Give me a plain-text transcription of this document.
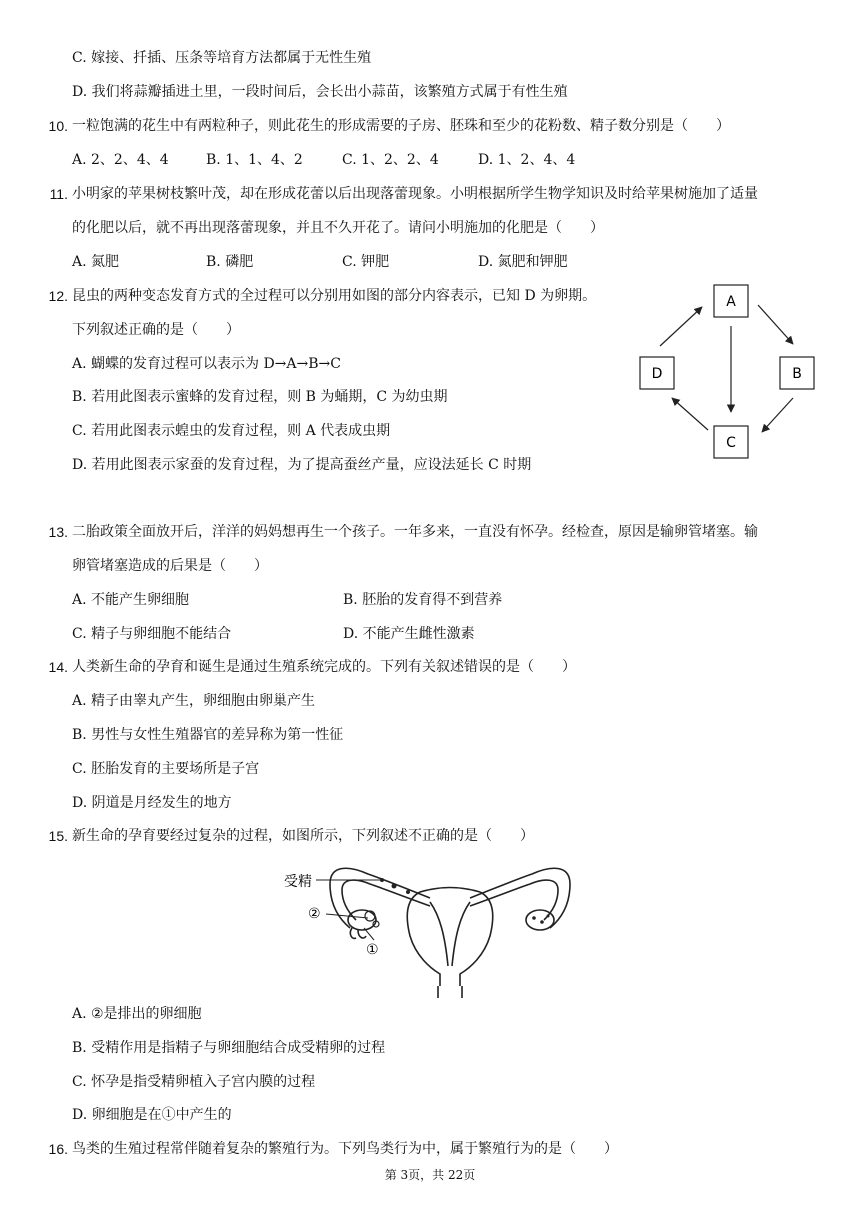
C. 嫁接、扦插、压条等培育方法都属于无性生殖
D. 我们将蒜瓣插进土里，一段时间后，会长出小蒜苗，该繁殖方式属于有性生殖
10. 一粒饱满的花生中有两粒种子，则此花生的形成需要的子房、胚珠和至少的花粉数、精子数分别是（　　）
A. 2、2、4、4	B. 1、1、4、2	C. 1、2、2、4	D. 1、2、4、4
11. 小明家的苹果树枝繁叶茂，却在形成花蕾以后出现落蕾现象。小明根据所学生物学知识及时给苹果树施加了适量
的化肥以后，就不再出现落蕾现象，并且不久开花了。请问小明施加的化肥是（　　）
A. 氮肥	B. 磷肥	C. 钾肥	D. 氮肥和钾肥
12. 昆虫的两种变态发育方式的全过程可以分别用如图的部分内容表示，已知 D 为卵期。
下列叙述正确的是（　　）
A. 蝴蝶的发育过程可以表示为 D→A→B→C
B. 若用此图表示蜜蜂的发育过程，则 B 为蛹期，C 为幼虫期
C. 若用此图表示蝗虫的发育过程，则 A 代表成虫期
D. 若用此图表示家蚕的发育过程，为了提高蚕丝产量，应设法延长 C 时期
A
B
C
D
13. 二胎政策全面放开后，洋洋的妈妈想再生一个孩子。一年多来，一直没有怀孕。经检查，原因是输卵管堵塞。输
卵管堵塞造成的后果是（　　）
A. 不能产生卵细胞	B. 胚胎的发育得不到营养
C. 精子与卵细胞不能结合	D. 不能产生雌性激素
14. 人类新生命的孕育和诞生是通过生殖系统完成的。下列有关叙述错误的是（　　）
A. 精子由睾丸产生，卵细胞由卵巢产生
B. 男性与女性生殖器官的差异称为第一性征
C. 胚胎发育的主要场所是子宫
D. 阴道是月经发生的地方
15. 新生命的孕育要经过复杂的过程，如图所示，下列叙述不正确的是（　　）
受精
②
①
A. ②是排出的卵细胞
B. 受精作用是指精子与卵细胞结合成受精卵的过程
C. 怀孕是指受精卵植入子宫内膜的过程
D. 卵细胞是在①中产生的
16. 鸟类的生殖过程常伴随着复杂的繁殖行为。下列鸟类行为中，属于繁殖行为的是（　　）
第 3页，共 22页
